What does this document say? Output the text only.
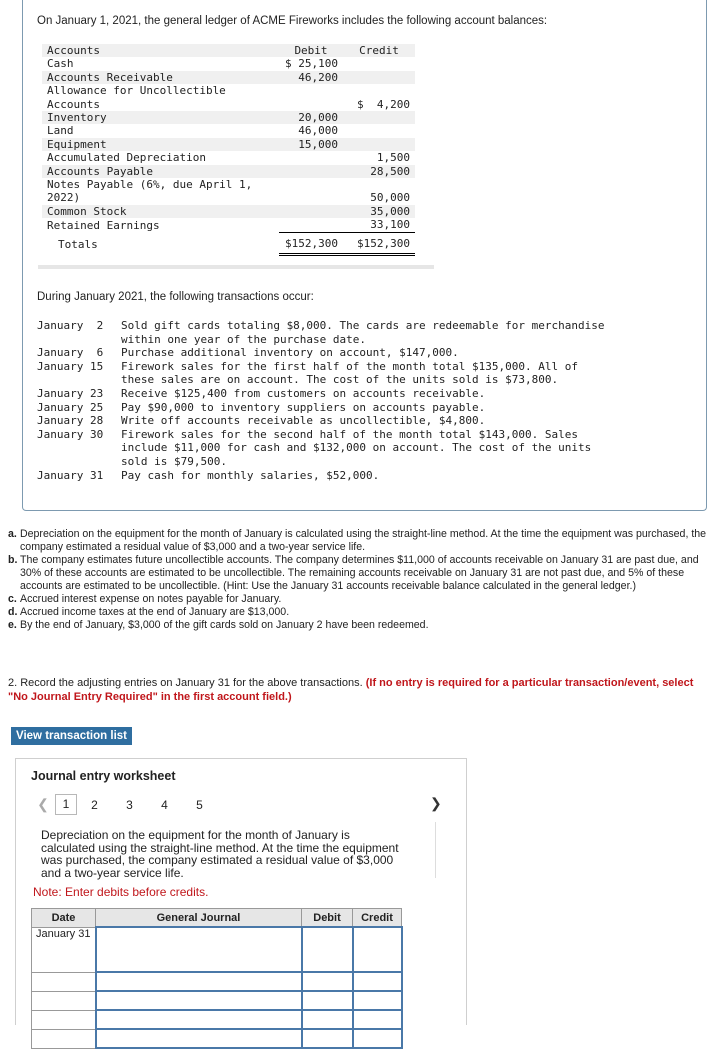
On January 1, 2021, the general ledger of ACME Fireworks includes the following account balances:
Accounts	Debit	Credit
Cash	$ 25,100	
Accounts Receivable	46,200	
Allowance for Uncollectible Accounts		$  4,200
Inventory	20,000	
Land	46,000	
Equipment	15,000	
Accumulated Depreciation		1,500
Accounts Payable		28,500
Notes Payable (6%, due April 1, 2022)		50,000
Common Stock		35,000
Retained Earnings		33,100
Totals	$152,300	$152,300
During January 2021, the following transactions occur:
January  2	Sold gift cards totaling $8,000. The cards are redeemable for merchandise within one year of the purchase date.
January  6	Purchase additional inventory on account, $147,000.
January 15	Firework sales for the first half of the month total $135,000. All of these sales are on account. The cost of the units sold is $73,800.
January 23	Receive $125,400 from customers on accounts receivable.
January 25	Pay $90,000 to inventory suppliers on accounts payable.
January 28	Write off accounts receivable as uncollectible, $4,800.
January 30	Firework sales for the second half of the month total $143,000. Sales include $11,000 for cash and $132,000 on account. The cost of the units sold is $79,500.
January 31	Pay cash for monthly salaries, $52,000.
a. Depreciation on the equipment for the month of January is calculated using the straight-line method. At the time the equipment was purchased, the company estimated a residual value of $3,000 and a two-year service life.
b. The company estimates future uncollectible accounts. The company determines $11,000 of accounts receivable on January 31 are past due, and 30% of these accounts are estimated to be uncollectible. The remaining accounts receivable on January 31 are not past due, and 5% of these accounts are estimated to be uncollectible. (Hint: Use the January 31 accounts receivable balance calculated in the general ledger.)
c. Accrued interest expense on notes payable for January.
d. Accrued income taxes at the end of January are $13,000.
e. By the end of January, $3,000 of the gift cards sold on January 2 have been redeemed.
2. Record the adjusting entries on January 31 for the above transactions. (If no entry is required for a particular transaction/event, select "No Journal Entry Required" in the first account field.)
View transaction list
Journal entry worksheet
❮	1	2	3	4	5	❯
Depreciation on the equipment for the month of January is calculated using the straight-line method. At the time the equipment was purchased, the company estimated a residual value of $3,000 and a two-year service life.
Note: Enter debits before credits.
Date	General Journal	Debit	Credit
January 31			
